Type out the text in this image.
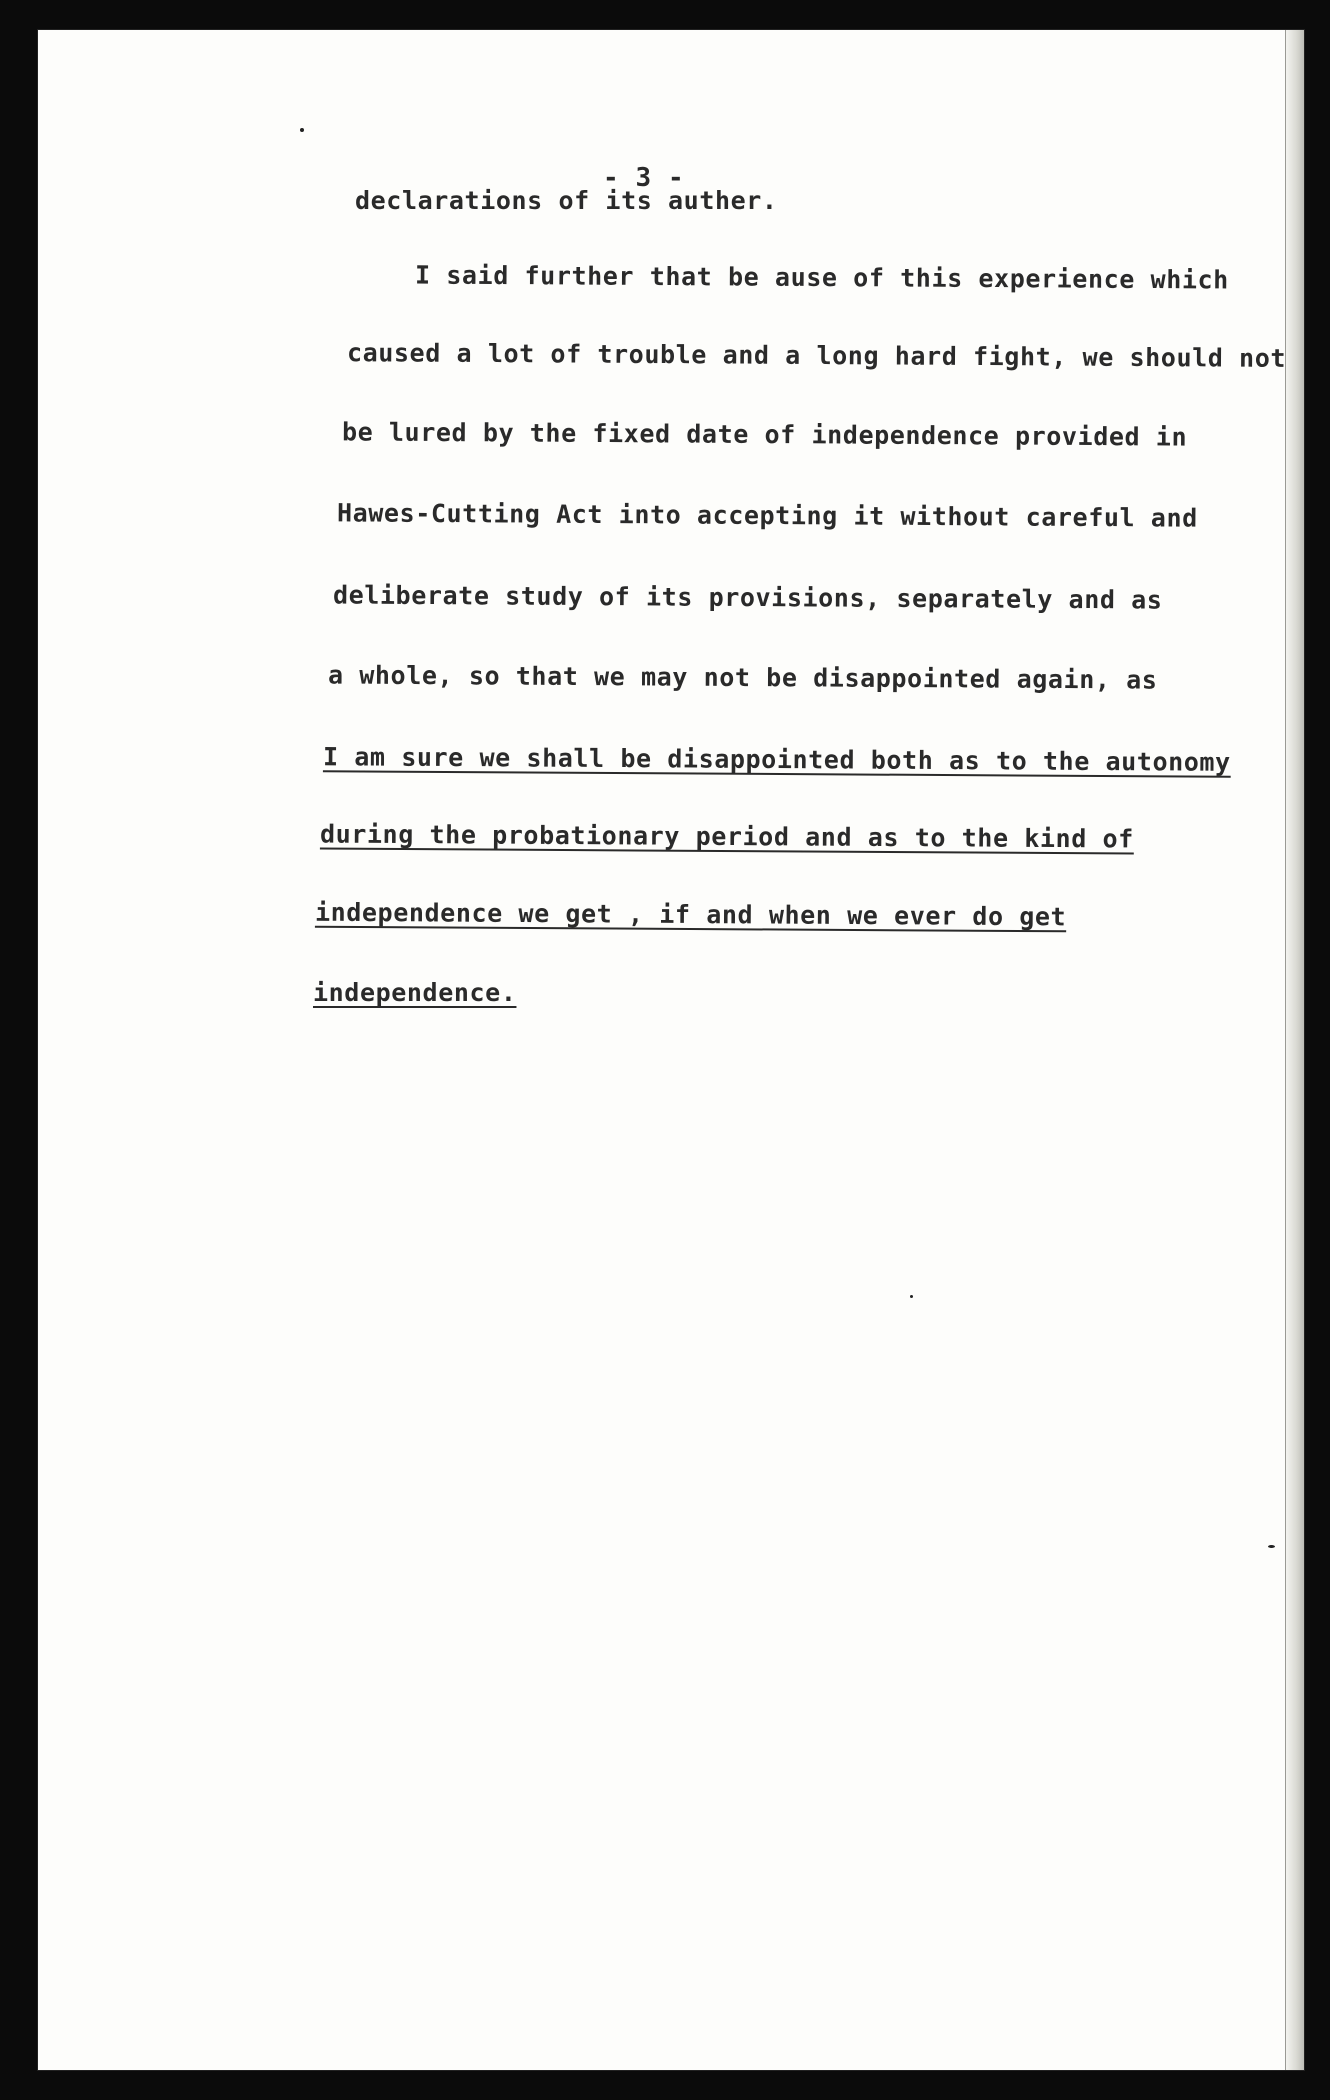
- 3 -
declarations of its auther.
I said further that be ause of this experience which
caused a lot of trouble and a long hard fight, we should not
be lured by the fixed date of independence provided in
Hawes-Cutting Act into accepting it without careful and
deliberate study of its provisions, separately and as
a whole, so that we may not be disappointed again, as
I am sure we shall be disappointed both as to the autonomy
during the probationary period and as to the kind of
independence we get , if and when we ever do get
independence.
